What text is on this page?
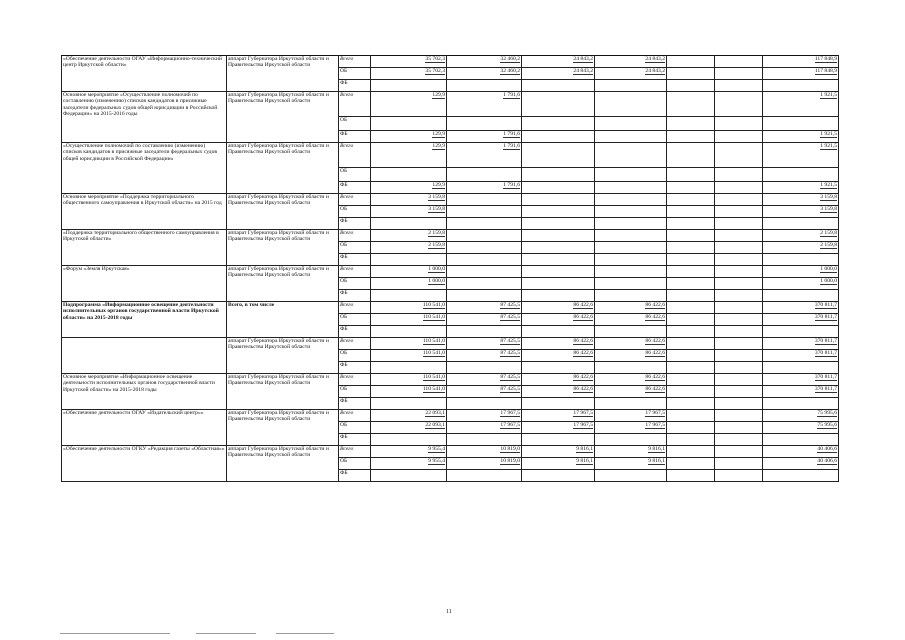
«Обеспечение деятельности ОГАУ «Информационно-технический центр Иркутской области»	аппарат Губернатора Иркутской области и Правительства Иркутской области	Всего	35 702,3	32 460,2	24 843,2	24 843,2			117 848,9
		ОБ	35 702,3	32 460,2	24 843,2	24 843,2			117 848,9
		ФБ							
Основное мероприятие «Осуществление полномочий по составлению (изменению) списков кандидатов в присяжные заседатели федеральных судов общей юрисдикции в Российской Федерации» на 2015-2016 годы	аппарат Губернатора Иркутской области и Правительства Иркутской области	Всего	129,9	1 791,6					1 921,5
		ОБ							
		ФБ	129,9	1 791,6					1 921,5
«Осуществление полномочий по составлению (изменению) списков кандидатов в присяжные заседатели федеральных судов общей юрисдикции в Российской Федерации»	аппарат Губернатора Иркутской области и Правительства Иркутской области	Всего	129,9	1 791,6					1 921,5
		ОБ							
		ФБ	129,9	1 791,6					1 921,5
Основное мероприятие «Поддержка территориального общественного самоуправления в Иркутской области» на 2015 год	аппарат Губернатора Иркутской области и Правительства Иркутской области	Всего	3 159,8						3 159,8
		ОБ	3 159,8						3 159,8
		ФБ							
«Поддержка территориального общественного самоуправления в Иркутской области»	аппарат Губернатора Иркутской области и Правительства Иркутской области	Всего	2 159,8						2 159,8
		ОБ	2 159,8						2 159,8
		ФБ							
«Форум «Земля Иркутская»	аппарат Губернатора Иркутской области и Правительства Иркутской области	Всего	1 000,0						1 000,0
		ОБ	1 000,0						1 000,0
		ФБ							
Подпрограмма «Информационное освещение деятельности исполнительных органов государственной власти Иркутской области» на 2015-2018 годы	Всего, в том числе	Всего	110 541,0	87 425,5	86 422,6	86 422,6			370 811,7
		ОБ	110 541,0	87 425,5	86 422,6	86 422,6			370 811,7
		ФБ							
	аппарат Губернатора Иркутской области и Правительства Иркутской области	Всего	110 541,0	87 425,5	86 422,6	86 422,6			370 811,7
		ОБ	110 541,0	87 425,5	86 422,6	86 422,6			370 811,7
		ФБ							
Основное мероприятие «Информационное освещение деятельности исполнительных органов государственной власти Иркутской области» на 2015-2018 годы	аппарат Губернатора Иркутской области и Правительства Иркутской области	Всего	110 541,0	87 425,5	86 422,6	86 422,6			370 811,7
		ОБ	110 541,0	87 425,5	86 422,6	86 422,6			370 811,7
		ФБ							
«Обеспечение деятельности ОГАУ «Издательский центр»»	аппарат Губернатора Иркутской области и Правительства Иркутской области	Всего	22 093,1	17 967,5	17 967,5	17 967,5			75 995,6
		ОБ	22 093,1	17 967,5	17 967,5	17 967,5			75 995,6
		ФБ							
«Обеспечение деятельности ОГКУ «Редакция газеты «Областная»»	аппарат Губернатора Иркутской области и Правительства Иркутской области	Всего	9 955,4	10 819,0	9 816,1	9 816,1			40 406,6
		ОБ	9 955,4	10 819,0	9 816,1	9 816,1			40 406,6
		ФБ							
11
